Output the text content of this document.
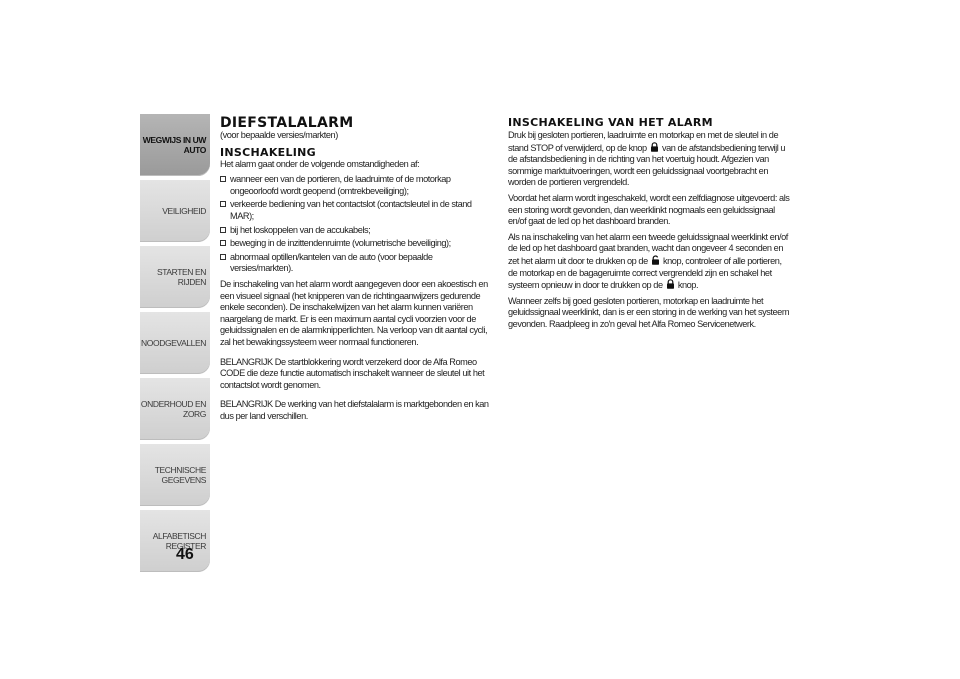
WEGWIJS IN UW AUTO
VEILIGHEID
STARTEN EN RIJDEN
NOODGEVALLEN
ONDERHOUD EN ZORG
TECHNISCHE GEGEVENS
ALFABETISCH REGISTER
46
DIEFSTALALARM

(voor bepaalde versies/markten)

INSCHAKELING

Het alarm gaat onder de volgende omstandigheden af:

wanneer een van de portieren, de laadruimte of de motorkap ongeoorloofd wordt geopend (omtrekbeveiliging);
verkeerde bediening van het contactslot (contactsleutel in de stand MAR);
bij het loskoppelen van de accukabels;
beweging in de inzittendenruimte (volumetrische beveiliging);
abnormaal optillen/kantelen van de auto (voor bepaalde versies/markten).

De inschakeling van het alarm wordt aangegeven door een akoestisch en een visueel signaal (het knipperen van de richtingaanwijzers gedurende enkele seconden). De inschakelwijzen van het alarm kunnen variëren naargelang de markt. Er is een maximum aantal cycli voorzien voor de geluidssignalen en de alarmknipperlichten. Na verloop van dit aantal cycli, zal het bewakingssysteem weer normaal functioneren.

BELANGRIJK De startblokkering wordt verzekerd door de Alfa Romeo CODE die deze functie automatisch inschakelt wanneer de sleutel uit het contactslot wordt genomen.

BELANGRIJK De werking van het diefstalalarm is marktgebonden en kan dus per land verschillen.

INSCHAKELING VAN HET ALARM

Druk bij gesloten portieren, laadruimte en motorkap en met de sleutel in de stand STOP of verwijderd, op de knop van de afstandsbediening terwijl u de afstandsbediening in de richting van het voertuig houdt. Afgezien van sommige marktuitvoeringen, wordt een geluidssignaal voortgebracht en worden de portieren vergrendeld.

Voordat het alarm wordt ingeschakeld, wordt een zelfdiagnose uitgevoerd: als een storing wordt gevonden, dan weerklinkt nogmaals een geluidssignaal en/of gaat de led op het dashboard branden.

Als na inschakeling van het alarm een tweede geluidssignaal weerklinkt en/of de led op het dashboard gaat branden, wacht dan ongeveer 4 seconden en zet het alarm uit door te drukken op de knop, controleer of alle portieren, de motorkap en de bagageruimte correct vergrendeld zijn en schakel het systeem opnieuw in door te drukken op de knop.

Wanneer zelfs bij goed gesloten portieren, motorkap en laadruimte het geluidssignaal weerklinkt, dan is er een storing in de werking van het systeem gevonden. Raadpleeg in zo'n geval het Alfa Romeo Servicenetwerk.
